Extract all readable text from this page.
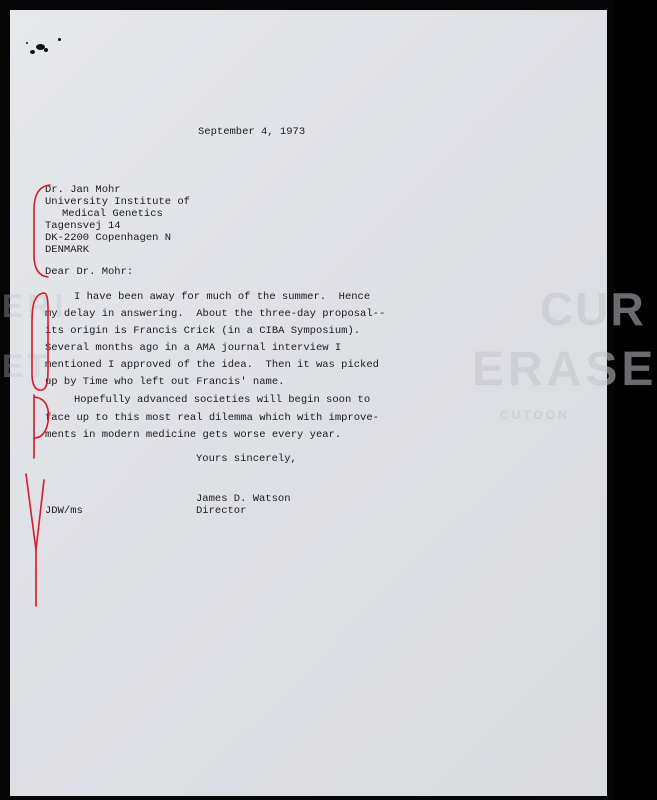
CUR
ERASE
CUTOON
ERI
ET
September 4, 1973
Dr. Jan Mohr
University Institute of
Medical Genetics
Tagensvej 14
DK-2200 Copenhagen N
DENMARK
Dear Dr. Mohr:
I have been away for much of the summer.  Hence
my delay in answering.  About the three-day proposal--
its origin is Francis Crick (in a CIBA Symposium).
Several months ago in a AMA journal interview I
mentioned I approved of the idea.  Then it was picked
up by Time who left out Francis' name.
Hopefully advanced societies will begin soon to
face up to this most real dilemma which with improve-
ments in modern medicine gets worse every year.
Yours sincerely,
James D. Watson
JDW/ms	Director
